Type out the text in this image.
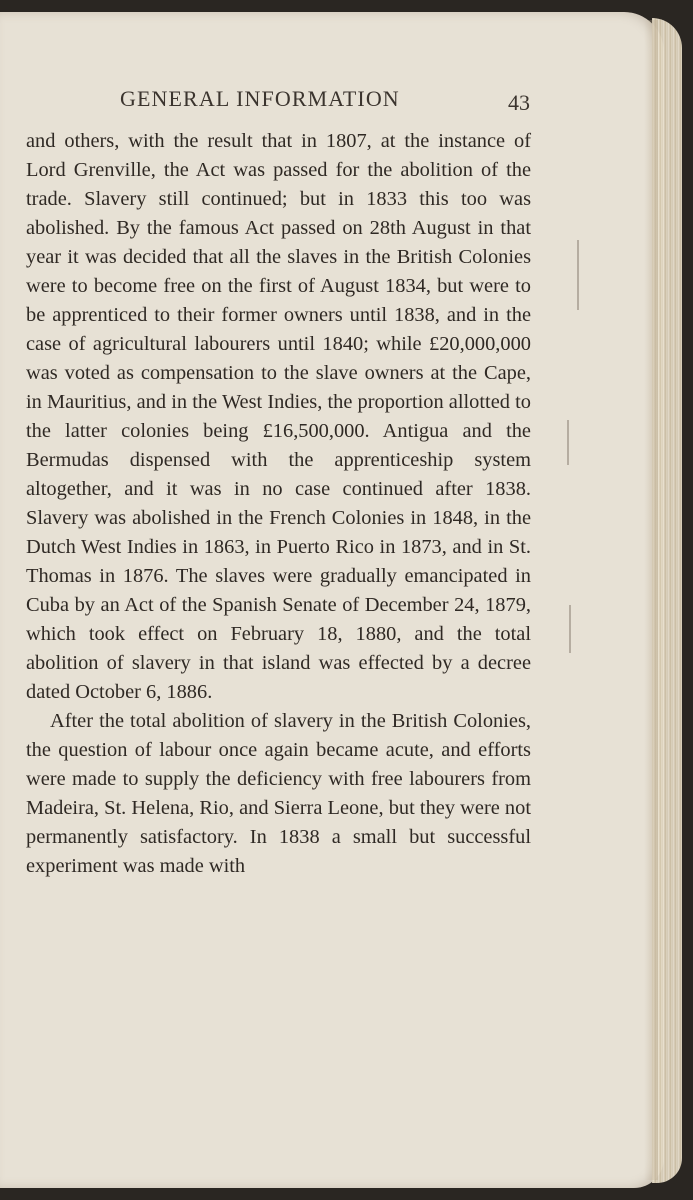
GENERAL INFORMATION	43

and others, with the result that in 1807, at the instance of Lord Grenville, the Act was passed for the abolition of the trade. Slavery still continued; but in 1833 this too was abolished. By the famous Act passed on 28th August in that year it was decided that all the slaves in the British Colonies were to become free on the first of August 1834, but were to be apprenticed to their former owners until 1838, and in the case of agricultural labourers until 1840; while £20,000,000 was voted as compensation to the slave owners at the Cape, in Mauritius, and in the West Indies, the proportion allotted to the latter colonies being £16,500,000. Antigua and the Bermudas dispensed with the apprenticeship system altogether, and it was in no case continued after 1838. Slavery was abolished in the French Colonies in 1848, in the Dutch West Indies in 1863, in Puerto Rico in 1873, and in St. Thomas in 1876. The slaves were gradually emancipated in Cuba by an Act of the Spanish Senate of December 24, 1879, which took effect on February 18, 1880, and the total abolition of slavery in that island was effected by a decree dated October 6, 1886.

After the total abolition of slavery in the British Colonies, the question of labour once again became acute, and efforts were made to supply the deficiency with free labourers from Madeira, St. Helena, Rio, and Sierra Leone, but they were not permanently satisfactory. In 1838 a small but successful experiment was made with
